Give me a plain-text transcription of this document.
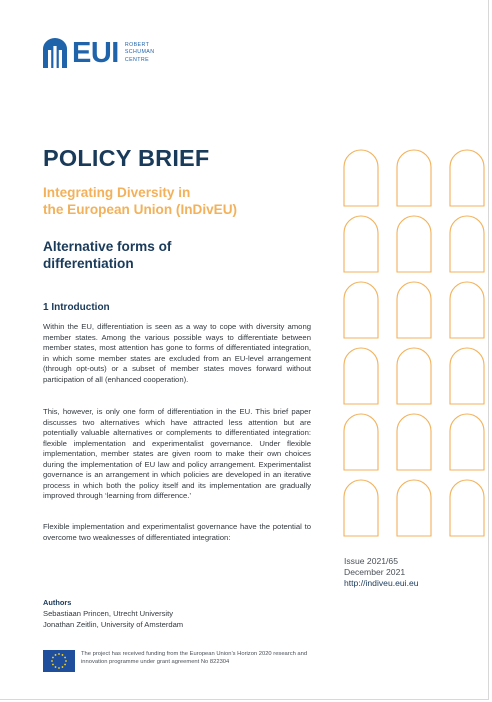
EUI ROBERT
SCHUMAN
CENTRE
POLICY BRIEF
Integrating Diversity in
the European Union (InDivEU)
Alternative forms of
differentiation
1 Introduction

Within the EU, differentiation is seen as a way to cope with diversity among member states. Among the various possible ways to differentiate between member states, most attention has gone to forms of differentiated integration, in which some member states are excluded from an EU-level arrangement (through opt-outs) or a subset of member states moves forward without participation of all (enhanced cooperation).

This, however, is only one form of differentiation in the EU. This brief paper discusses two alternatives which have attracted less attention but are potentially valuable alternatives or complements to differentiated integration: flexible implementation and experimentalist governance. Under flexible implementation, member states are given room to make their own choices during the implementation of EU law and policy arrangement. Experimentalist governance is an arrangement in which policies are developed in an iterative process in which both the policy itself and its implementation are gradually improved through ‘learning from difference.’

Flexible implementation and experimentalist governance have the potential to overcome two weaknesses of differentiated integration:

Issue 2021/65
December 2021
http://indiveu.eui.eu
Authors
Sebastiaan Princen, Utrecht University
Jonathan Zeitlin, University of Amsterdam
The project has received funding from the European Union’s Horizon 2020 research and
innovation programme under grant agreement No 822304
